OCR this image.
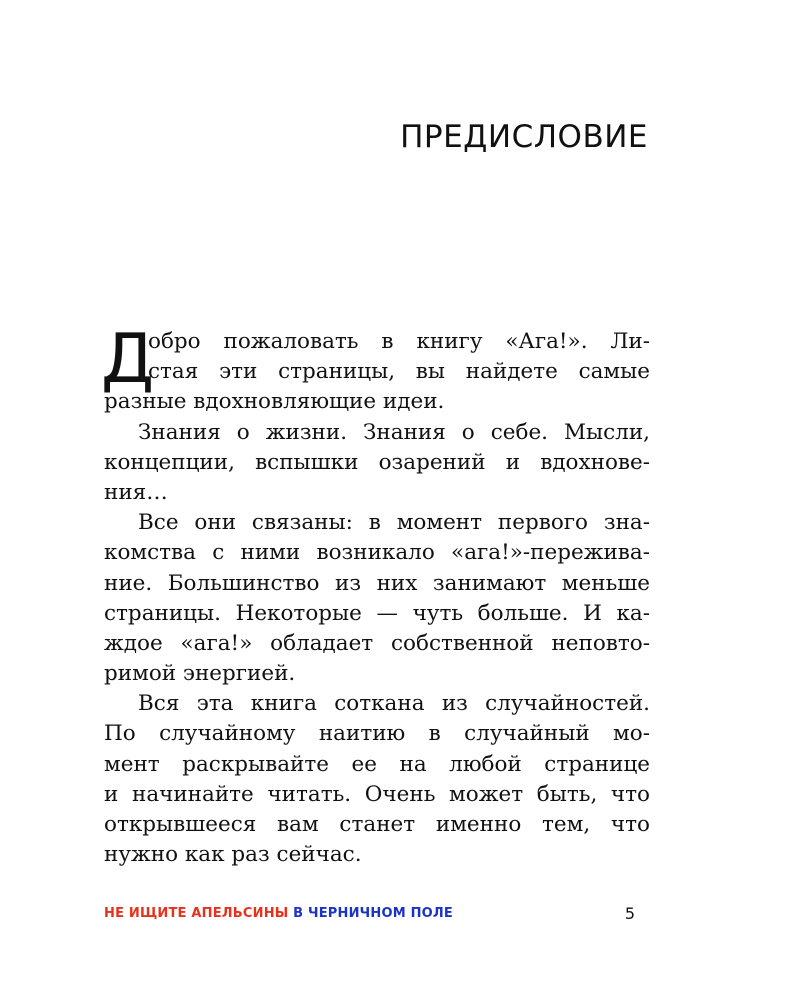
ПРЕДИСЛОВИЕ
Д
обро пожаловать в книгу «Ага!». Ли-
стая эти страницы, вы найдете самые
разные вдохновляющие идеи.
Знания о жизни. Знания о себе. Мысли,
концепции, вспышки озарений и вдохнове-
ния…
Все они связаны: в момент первого зна-
комства с ними возникало «ага!»-пережива-
ние. Большинство из них занимают меньше
страницы. Некоторые — чуть больше. И ка-
ждое «ага!» обладает собственной неповто-
римой энергией.
Вся эта книга соткана из случайностей.
По случайному наитию в случайный мо-
мент раскрывайте ее на любой странице
и начинайте читать. Очень может быть, что
открывшееся вам станет именно тем, что
нужно как раз сейчас.
НЕ ИЩИТЕ АПЕЛЬСИНЫ В ЧЕРНИЧНОМ ПОЛЕ	5
